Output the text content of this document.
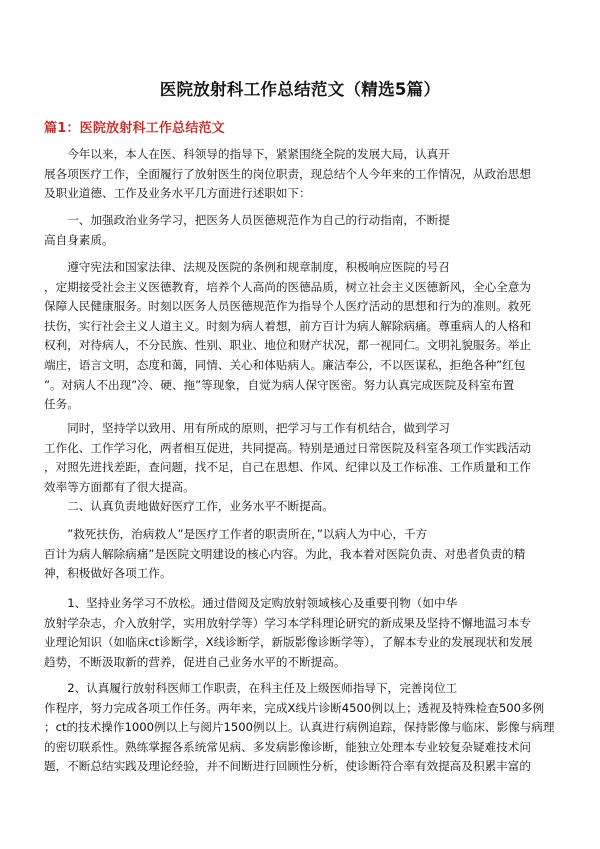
医院放射科工作总结范文（精选5篇）
篇1：医院放射科工作总结范文
　　今年以来，本人在医、科领导的指导下，紧紧围绕全院的发展大局，认真开
展各项医疗工作，全面履行了放射医生的岗位职责，现总结个人今年来的工作情况，从政治思想
及职业道德、工作及业务水平几方面进行述职如下：
　　一、加强政治业务学习，把医务人员医德规范作为自己的行动指南，不断提
高自身素质。
　　遵守宪法和国家法律、法规及医院的条例和规章制度，积极响应医院的号召
，定期接受社会主义医德教育，培养个人高尚的医德品质，树立社会主义医德新风，全心全意为
保障人民健康服务。时刻以医务人员医德规范作为指导个人医疗活动的思想和行为的准则。救死
扶伤，实行社会主义人道主义。时刻为病人着想，前方百计为病人解除病痛。尊重病人的人格和
权利，对待病人，不分民族、性别、职业、地位和财产状况，都一视同仁。文明礼貌服务。举止
端庄，语言文明，态度和蔼，同情、关心和体贴病人。廉洁奉公，不以医谋私，拒绝各种”红包
”。对病人不出现”冷、硬、拖”等现象，自觉为病人保守医密。努力认真完成医院及科室布置
任务。
　　同时，坚持学以致用、用有所成的原则，把学习与工作有机结合，做到学习
工作化、工作学习化，两者相互促进，共同提高。特别是通过日常医院及科室各项工作实践活动
，对照先进找差距，查问题，找不足，自己在思想、作风、纪律以及工作标准、工作质量和工作
效率等方面都有了很大提高。
　　二、认真负责地做好医疗工作，业务水平不断提高。
　　”救死扶伤，治病救人”是医疗工作者的职责所在，”以病人为中心，千方
百计为病人解除病痛”是医院文明建设的核心内容。为此，我本着对医院负责、对患者负责的精
神，积极做好各项工作。
　　1、坚持业务学习不放松。通过借阅及定购放射领域核心及重要刊物（如中华
放射学杂志，介入放射学，实用放射学等）学习本学科理论研究的新成果及坚持不懈地温习本专
业理论知识（如临床ct诊断学，X线诊断学，新版影像诊断学等），了解本专业的发展现状和发展
趋势，不断汲取新的营养，促进自己业务水平的不断提高。
　　2、认真履行放射科医师工作职责，在科主任及上级医师指导下，完善岗位工
作程序，努力完成各项工作任务。两年来，完成X线片诊断4500例以上；透视及特殊检查500多例
；ct的技术操作1000例以上与阅片1500例以上。认真进行病例追踪，保持影像与临床、影像与病理
的密切联系性。熟练掌握各系统常见病、多发病影像诊断，能独立处理本专业较复杂疑难技术问
题，不断总结实践及理论经验，并不间断进行回顾性分析，使诊断符合率有效提高及积累丰富的
